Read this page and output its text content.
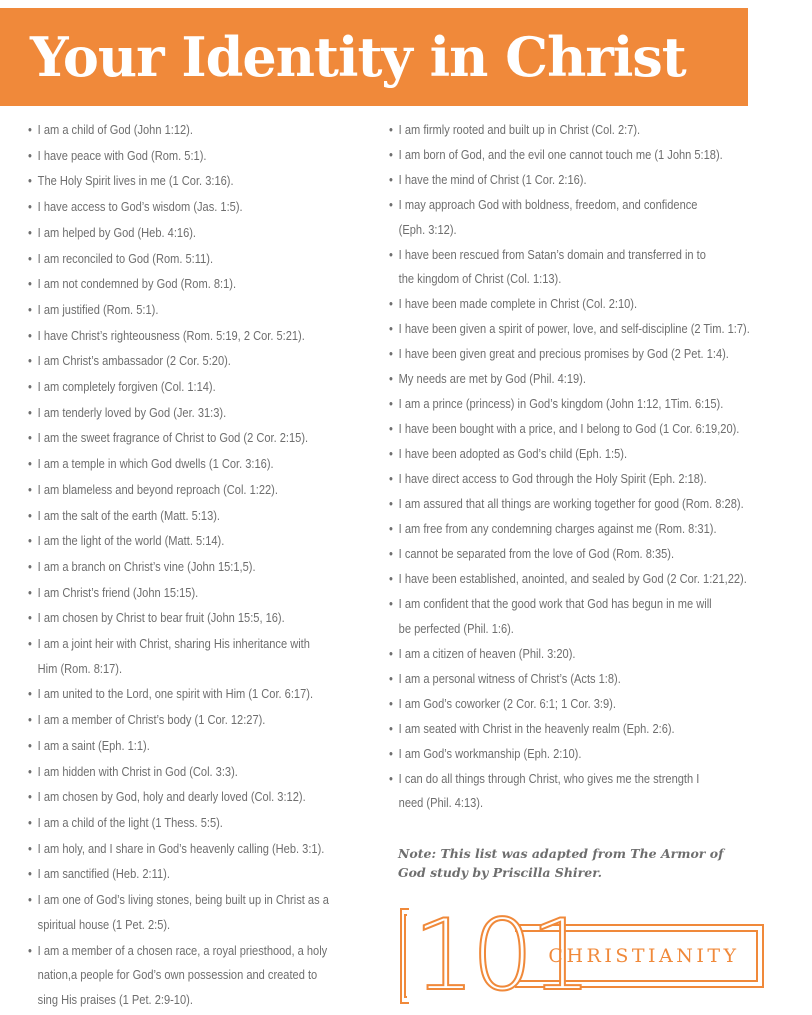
Your Identity in Christ
• I am a child of God (John 1:12).
• I have peace with God (Rom. 5:1).
• The Holy Spirit lives in me (1 Cor. 3:16).
• I have access to God’s wisdom (Jas. 1:5).
• I am helped by God (Heb. 4:16).
• I am reconciled to God (Rom. 5:11).
• I am not condemned by God (Rom. 8:1).
• I am justified (Rom. 5:1).
• I have Christ’s righteousness (Rom. 5:19, 2 Cor. 5:21).
• I am Christ’s ambassador (2 Cor. 5:20).
• I am completely forgiven (Col. 1:14).
• I am tenderly loved by God (Jer. 31:3).
• I am the sweet fragrance of Christ to God (2 Cor. 2:15).
• I am a temple in which God dwells (1 Cor. 3:16).
• I am blameless and beyond reproach (Col. 1:22).
• I am the salt of the earth (Matt. 5:13).
• I am the light of the world (Matt. 5:14).
• I am a branch on Christ’s vine (John 15:1,5).
• I am Christ’s friend (John 15:15).
• I am chosen by Christ to bear fruit (John 15:5, 16).
• I am a joint heir with Christ, sharing His inheritance with
Him (Rom. 8:17).
• I am united to the Lord, one spirit with Him (1 Cor. 6:17).
• I am a member of Christ’s body (1 Cor. 12:27).
• I am a saint (Eph. 1:1).
• I am hidden with Christ in God (Col. 3:3).
• I am chosen by God, holy and dearly loved (Col. 3:12).
• I am a child of the light (1 Thess. 5:5).
• I am holy, and I share in God’s heavenly calling (Heb. 3:1).
• I am sanctified (Heb. 2:11).
• I am one of God’s living stones, being built up in Christ as a
spiritual house (1 Pet. 2:5).
• I am a member of a chosen race, a royal priesthood, a holy
nation,a people for God’s own possession and created to
sing His praises (1 Pet. 2:9-10).
• I am firmly rooted and built up in Christ (Col. 2:7).
• I am born of God, and the evil one cannot touch me (1 John 5:18).
• I have the mind of Christ (1 Cor. 2:16).
• I may approach God with boldness, freedom, and confidence
(Eph. 3:12).
• I have been rescued from Satan’s domain and transferred in to
the kingdom of Christ (Col. 1:13).
• I have been made complete in Christ (Col. 2:10).
• I have been given a spirit of power, love, and self-discipline (2 Tim. 1:7).
• I have been given great and precious promises by God (2 Pet. 1:4).
• My needs are met by God (Phil. 4:19).
• I am a prince (princess) in God’s kingdom (John 1:12, 1Tim. 6:15).
• I have been bought with a price, and I belong to God (1 Cor. 6:19,20).
• I have been adopted as God’s child (Eph. 1:5).
• I have direct access to God through the Holy Spirit (Eph. 2:18).
• I am assured that all things are working together for good (Rom. 8:28).
• I am free from any condemning charges against me (Rom. 8:31).
• I cannot be separated from the love of God (Rom. 8:35).
• I have been established, anointed, and sealed by God (2 Cor. 1:21,22).
• I am confident that the good work that God has begun in me will
be perfected (Phil. 1:6).
• I am a citizen of heaven (Phil. 3:20).
• I am a personal witness of Christ’s (Acts 1:8).
• I am God’s coworker (2 Cor. 6:1; 1 Cor. 3:9).
• I am seated with Christ in the heavenly realm (Eph. 2:6).
• I am God’s workmanship (Eph. 2:10).
• I can do all things through Christ, who gives me the strength I
need (Phil. 4:13).
Note: This list was adapted from The Armor of
God study by Priscilla Shirer.
101
CHRISTIANITY
